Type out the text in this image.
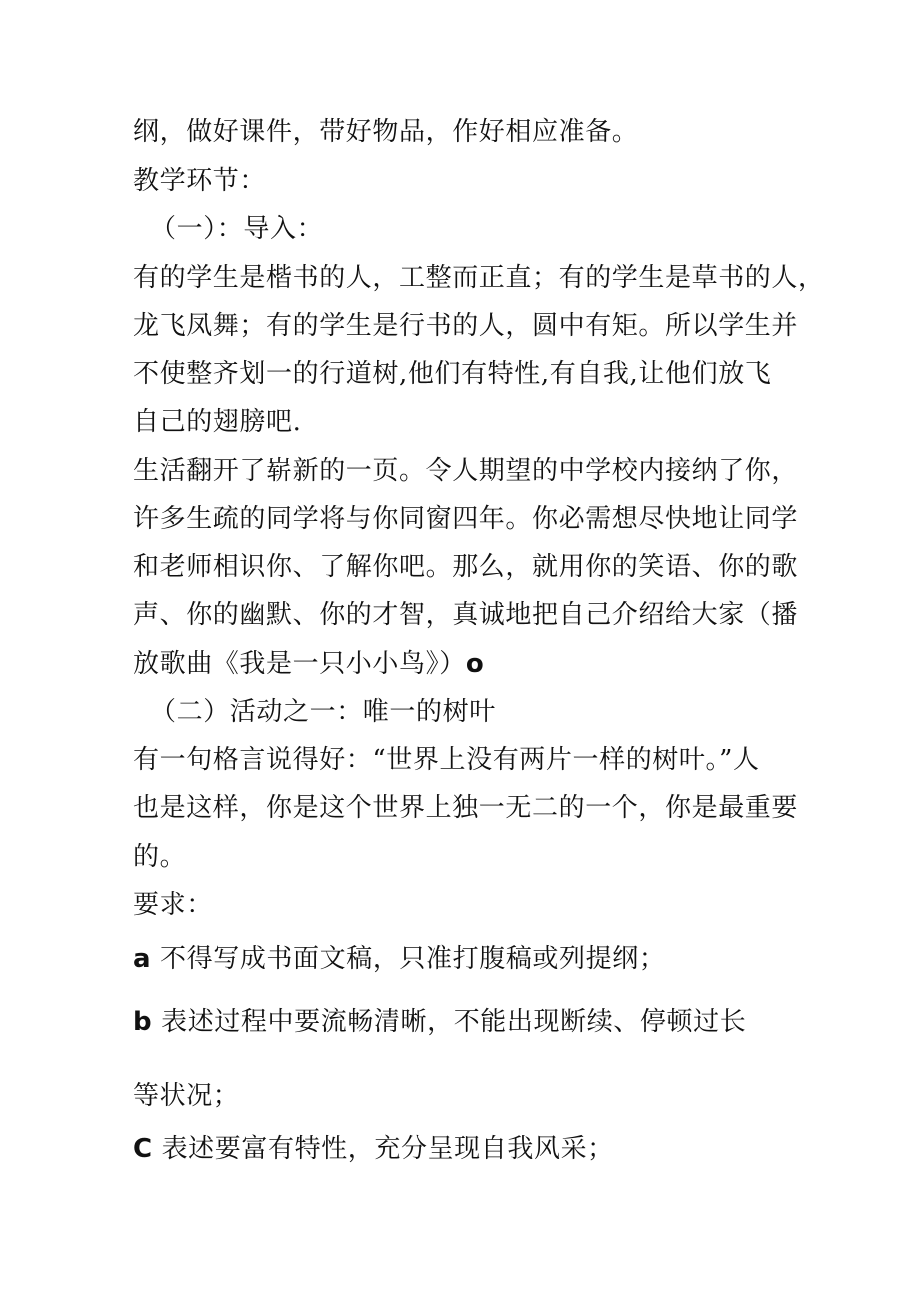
纲，做好课件，带好物品，作好相应准备。

教学环节：

（一）：导入：

有的学生是楷书的人，工整而正直；有的学生是草书的人，

龙飞凤舞；有的学生是行书的人，圆中有矩。所以学生并

不使整齐划一的行道树,他们有特性,有自我,让他们放飞

自己的翅膀吧.

生活翻开了崭新的一页。令人期望的中学校内接纳了你，

许多生疏的同学将与你同窗四年。你必需想尽快地让同学

和老师相识你、了解你吧。那么，就用你的笑语、你的歌

声、你的幽默、你的才智，真诚地把自己介绍给大家（播

放歌曲《我是一只小小鸟》）o

（二）活动之一：唯一的树叶

有一句格言说得好：“世界上没有两片一样的树叶。”人

也是这样，你是这个世界上独一无二的一个，你是最重要

的。

要求：

a 不得写成书面文稿，只准打腹稿或列提纲；

b 表述过程中要流畅清晰，不能出现断续、停顿过长

等状况；

C 表述要富有特性，充分呈现自我风采；
